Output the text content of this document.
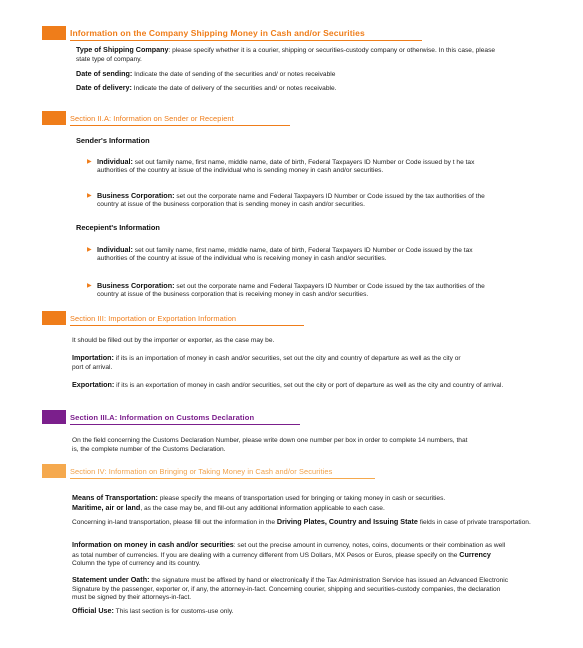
Information on the Company Shipping Money in Cash and/or Securities
Type of Shipping Company: please specify whether it is a courier, shipping or securities-custody company or otherwise. In this case, please state type of company.
Date of sending: Indicate the date of sending of the securities and/ or notes receivable
Date of delivery: Indicate the date of delivery of the securities and/ or notes receivable.
Section II.A: Information on Sender or Recepient
Sender's Information
▶ Individual: set out family name, first name, middle name, date of birth, Federal Taxpayers ID Number or Code issued by t he tax authorities of the country at issue of the individual who is sending money in cash and/or securities.
▶ Business Corporation: set out the corporate name and Federal Taxpayers ID Number or Code issued by the tax authorities of the country at issue of the business corporation that is sending money in cash and/or securities.
Recepient's Information
▶ Individual: set out family name, first name, middle name, date of birth, Federal Taxpayers ID Number or Code issued by the tax authorities of the country at issue of the individual who is receiving money in cash and/or securities.
▶ Business Corporation: set out the corporate name and Federal Taxpayers ID Number or Code issued by the tax authorities of the country at issue of the business corporation that is receiving money in cash and/or securities.
Section III: Importation or Exportation Information
It should be filled out by the importer or exporter, as the case may be.
Importation: if its is an importation of money in cash and/or securities, set out the city and country of departure as well as the city or port of arrival.
Exportation: if its is an exportation of money in cash and/or securities, set out the city or port of departure as well as the city and country of arrival.
Section III.A: Information on Customs Declaration
On the field concerning the Customs Declaration Number, please write down one number per box in order to complete 14 numbers, that is, the complete number of the Customs Declaration.
Section IV: Information on Bringing or Taking Money in Cash and/or Securities
Means of Transportation: please specify the means of transportation used for bringing or taking money in cash or securities.
Maritime, air or land, as the case may be, and fill-out any additional information applicable to each case.
Concerning in-land transportation, please fill out the information in the Driving Plates, Country and Issuing State fields in case of private transportation.
Information on money in cash and/or securities: set out the precise amount in currency, notes, coins, documents or their combination as well as total number of currencies. If you are dealing with a currency different from US Dollars, MX Pesos or Euros, please specify on the Currency Column the type of currency and its country.
Statement under Oath: the signature must be affixed by hand or electronically if the Tax Administration Service has issued an Advanced Electronic Signature by the passenger, exporter or, if any, the attorney-in-fact. Concerning courier, shipping and securities-custody companies, the declaration must be signed by their attorneys-in-fact.
Official Use: This last section is for customs-use only.
